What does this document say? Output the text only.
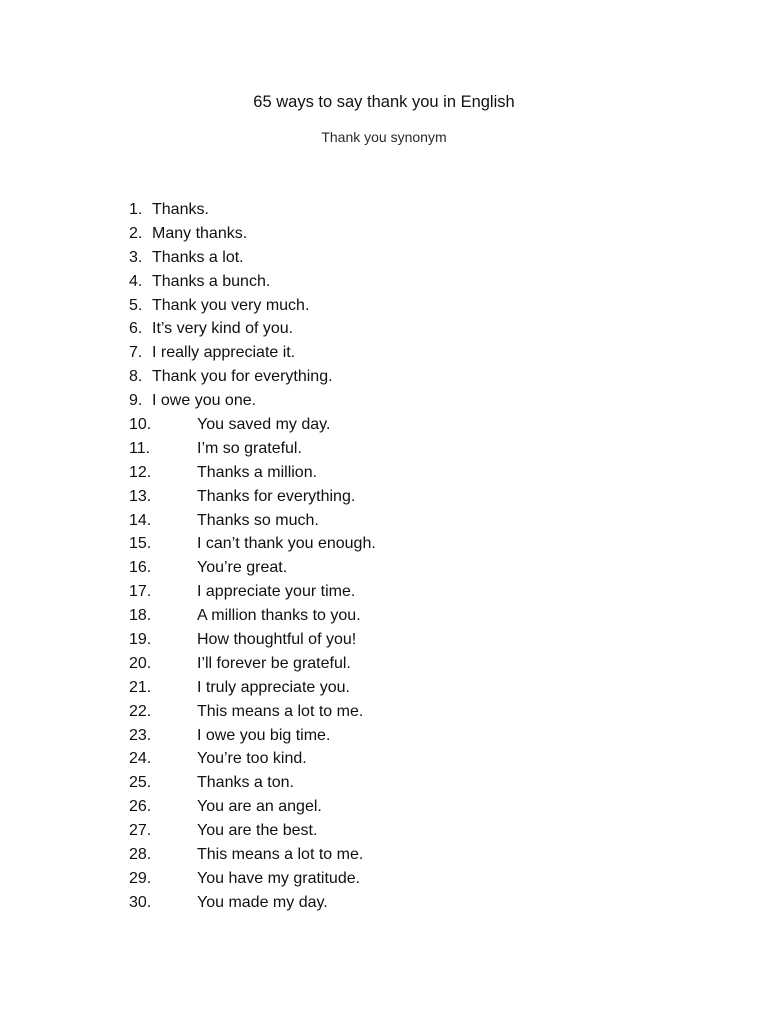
65 ways to say thank you in English
Thank you synonym
1. Thanks.
2. Many thanks.
3. Thanks a lot.
4. Thanks a bunch.
5. Thank you very much.
6. It’s very kind of you.
7. I really appreciate it.
8. Thank you for everything.
9. I owe you one.
10.	You saved my day.
11.	I’m so grateful.
12.	Thanks a million.
13.	Thanks for everything.
14.	Thanks so much.
15.	I can’t thank you enough.
16.	You’re great.
17.	I appreciate your time.
18.	A million thanks to you.
19.	How thoughtful of you!
20.	I’ll forever be grateful.
21.	I truly appreciate you.
22.	This means a lot to me.
23.	I owe you big time.
24.	You’re too kind.
25.	Thanks a ton.
26.	You are an angel.
27.	You are the best.
28.	This means a lot to me.
29.	You have my gratitude.
30.	You made my day.
